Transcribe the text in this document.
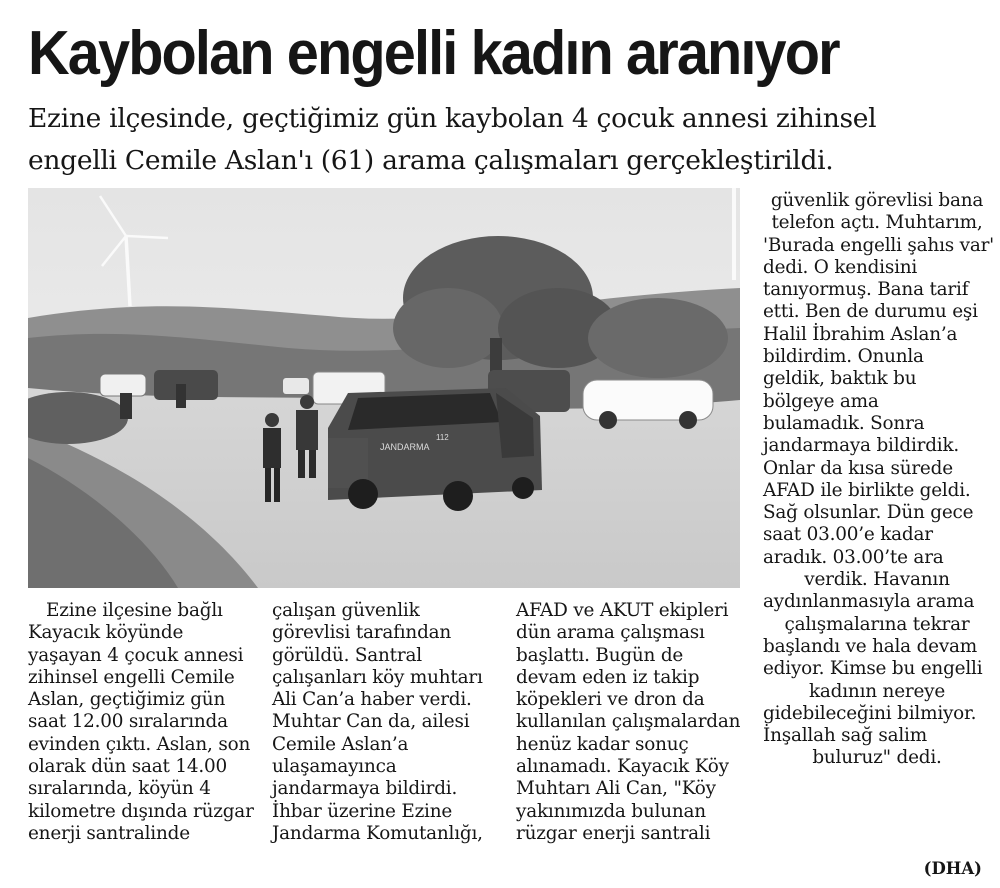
Kaybolan engelli kadın aranıyor
Ezine ilçesinde, geçtiğimiz gün kaybolan 4 çocuk annesi zihinsel
engelli Cemile Aslan'ı (61) arama çalışmaları gerçekleştirildi.
JANDARMA
112
Ezine ilçesine bağlı
Kayacık köyünde
yaşayan 4 çocuk annesi
zihinsel engelli Cemile
Aslan, geçtiğimiz gün
saat 12.00 sıralarında
evinden çıktı. Aslan, son
olarak dün saat 14.00
sıralarında, köyün 4
kilometre dışında rüzgar
enerji santralinde
çalışan güvenlik
görevlisi tarafından
görüldü. Santral
çalışanları köy muhtarı
Ali Can’a haber verdi.
Muhtar Can da, ailesi
Cemile Aslan’a
ulaşamayınca
jandarmaya bildirdi.
İhbar üzerine Ezine
Jandarma Komutanlığı,
AFAD ve AKUT ekipleri
dün arama çalışması
başlattı. Bugün de
devam eden iz takip
köpekleri ve dron da
kullanılan çalışmalardan
henüz kadar sonuç
alınamadı. Kayacık Köy
Muhtarı Ali Can, "Köy
yakınımızda bulunan
rüzgar enerji santrali
güvenlik görevlisi bana
telefon açtı. Muhtarım,
'Burada engelli şahıs var'
dedi. O kendisini
tanıyormuş. Bana tarif
etti. Ben de durumu eşi
Halil İbrahim Aslan’a
bildirdim. Onunla
geldik, baktık bu
bölgeye ama
bulamadık. Sonra
jandarmaya bildirdik.
Onlar da kısa sürede
AFAD ile birlikte geldi.
Sağ olsunlar. Dün gece
saat 03.00’e kadar
aradık. 03.00’te ara
verdik. Havanın
aydınlanmasıyla arama
çalışmalarına tekrar
başlandı ve hala devam
ediyor. Kimse bu engelli
kadının nereye
gidebileceğini bilmiyor.
İnşallah sağ salim
buluruz" dedi.
(DHA)
